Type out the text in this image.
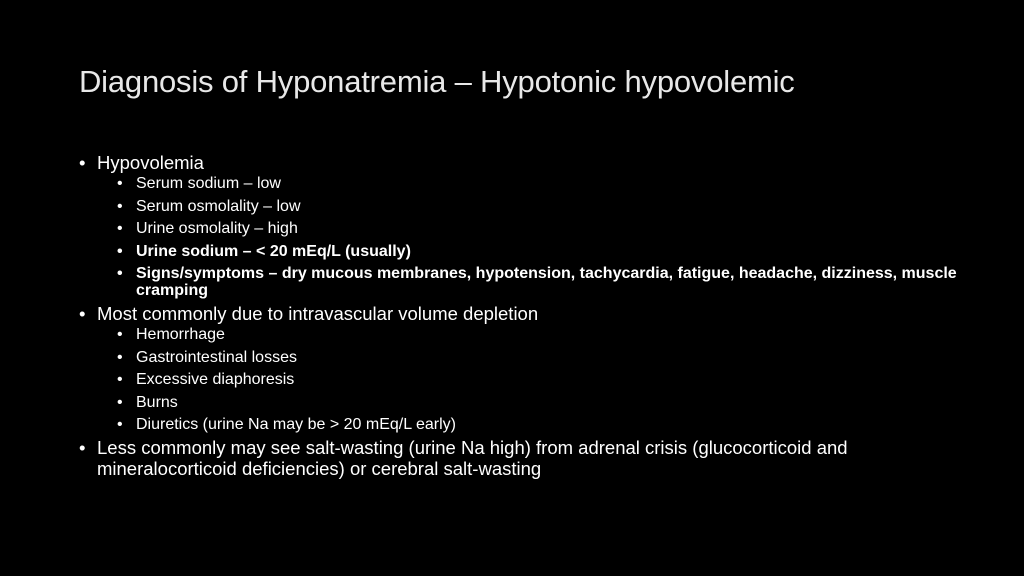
Diagnosis of Hyponatremia – Hypotonic hypovolemic
• Hypovolemia
• Serum sodium – low
• Serum osmolality – low
• Urine osmolality – high
• Urine sodium – < 20 mEq/L (usually)
• Signs/symptoms – dry mucous membranes, hypotension, tachycardia, fatigue, headache, dizziness, muscle cramping
• Most commonly due to intravascular volume depletion
• Hemorrhage
• Gastrointestinal losses
• Excessive diaphoresis
• Burns
• Diuretics (urine Na may be > 20 mEq/L early)
• Less commonly may see salt-wasting (urine Na high) from adrenal crisis (glucocorticoid and mineralocorticoid deficiencies) or cerebral salt-wasting
